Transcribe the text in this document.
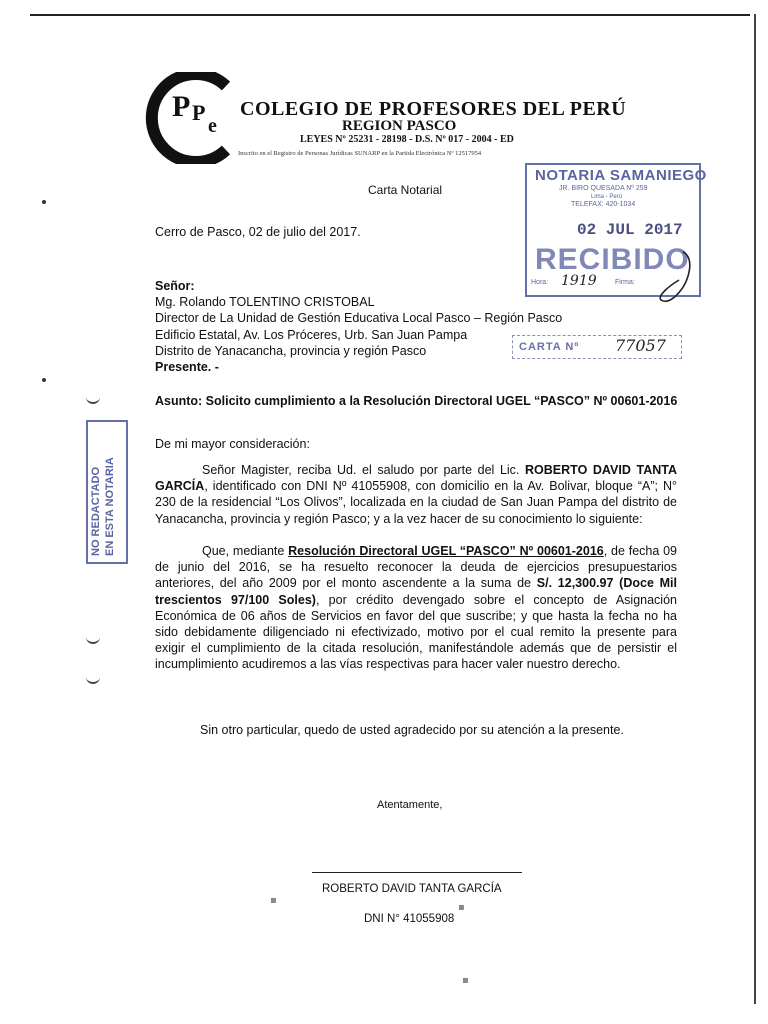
P P
e
COLEGIO DE PROFESORES DEL PERÚ
REGION PASCO
LEYES Nº 25231 - 28198 - D.S. Nº 017 - 2004 - ED
Inscrito en el Registro de Personas Jurídicas SUNARP en la Partida Electrónica Nº 12517954
Carta Notarial
NOTARIA SAMANIEGO
JR. BIRO QUESADA Nº 259
Lima - Perú
TELEFAX: 420-1034
02 JUL 2017
RECIBIDO
Hora: 1919	Firma:
CARTA Nº 77057
NO REDACTADO EN ESTA NOTARIA
Cerro de Pasco, 02 de julio del 2017.
Señor:
Mg. Rolando TOLENTINO CRISTOBAL
Director de La Unidad de Gestión Educativa Local Pasco – Región Pasco
Edificio Estatal, Av. Los Próceres, Urb. San Juan Pampa
Distrito de Yanacancha, provincia y región Pasco
Presente. -
Asunto: Solicito cumplimiento a la Resolución Directoral UGEL “PASCO” Nº 00601-2016
De mi mayor consideración:
Señor Magister, reciba Ud. el saludo por parte del Lic. ROBERTO DAVID TANTA
GARCÍA, identificado con DNI Nº 41055908, con domicilio en la Av. Bolivar, bloque “A”; N°
230 de la residencial “Los Olivos”, localizada en la ciudad de San Juan Pampa del distrito de
Yanacancha, provincia y región Pasco; y a la vez hacer de su conocimiento lo siguiente:
Que, mediante Resolución Directoral UGEL “PASCO” Nº 00601-2016, de fecha 09
de junio del 2016, se ha resuelto reconocer la deuda de ejercicios presupuestarios
anteriores, del año 2009 por el monto ascendente a la suma de S/. 12,300.97 (Doce Mil
trescientos 97/100 Soles), por crédito devengado sobre el concepto de Asignación
Económica de 06 años de Servicios en favor del que suscribe; y que hasta la fecha no ha
sido debidamente diligenciado ni efectivizado, motivo por el cual remito la presente para
exigir el cumplimiento de la citada resolución, manifestándole además que de persistir el
incumplimiento acudiremos a las vías respectivas para hacer valer nuestro derecho.
Sin otro particular, quedo de usted agradecido por su atención a la presente.
Atentamente,
ROBERTO DAVID TANTA GARCÍA
DNI N° 41055908
▪
▪
▪
